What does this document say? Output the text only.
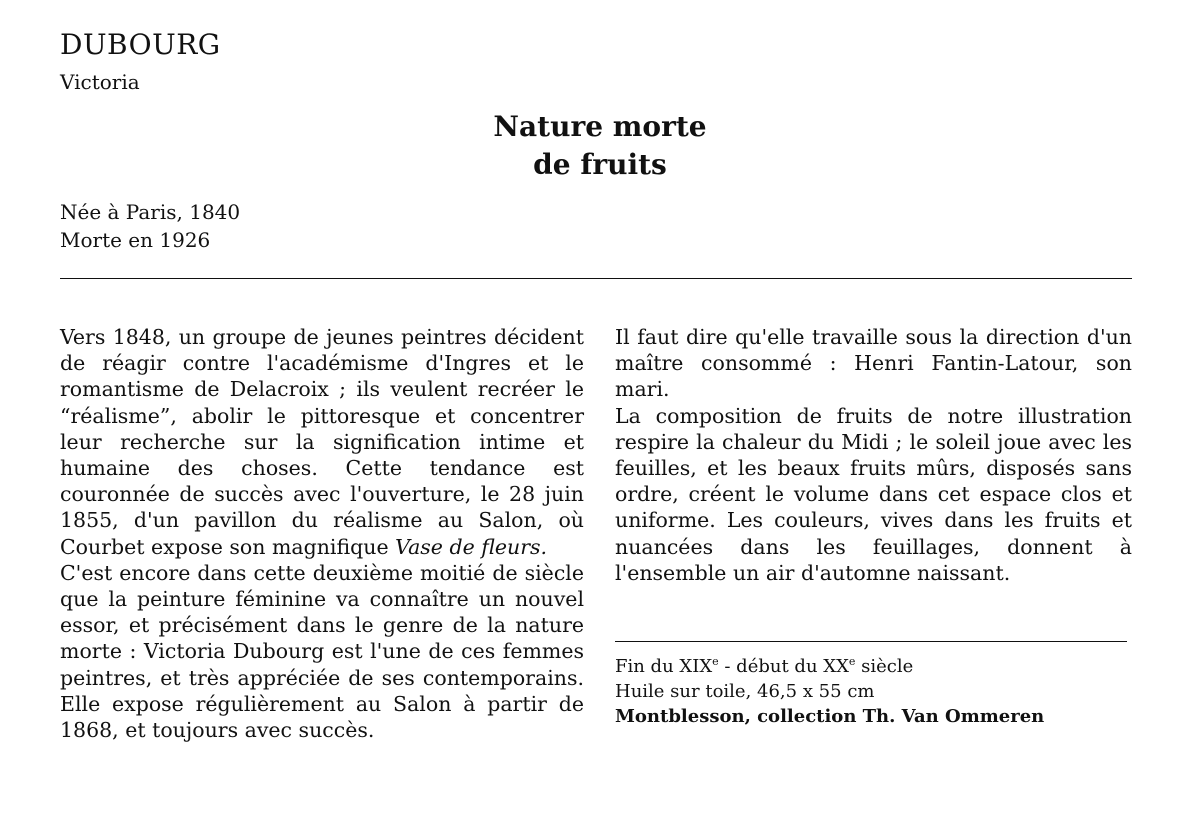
DUBOURG
Victoria
Nature morte
de fruits
Née à Paris, 1840
Morte en 1926

Vers 1848, un groupe de jeunes peintres décident de réagir contre l'académisme d'Ingres et le romantisme de Delacroix ; ils veulent recréer le “réalisme”, abolir le pittoresque et concentrer leur recherche sur la signification intime et humaine des choses. Cette tendance est couronnée de succès avec l'ouverture, le 28 juin 1855, d'un pavillon du réalisme au Salon, où Courbet expose son magnifique Vase de fleurs.

C'est encore dans cette deuxième moitié de siècle que la peinture féminine va connaître un nouvel essor, et précisément dans le genre de la nature morte : Victoria Dubourg est l'une de ces femmes peintres, et très appréciée de ses contemporains. Elle expose régulièrement au Salon à partir de 1868, et toujours avec succès.

Il faut dire qu'elle travaille sous la direction d'un maître consommé : Henri Fantin-Latour, son mari.

La composition de fruits de notre illustration respire la chaleur du Midi ; le soleil joue avec les feuilles, et les beaux fruits mûrs, disposés sans ordre, créent le volume dans cet espace clos et uniforme. Les couleurs, vives dans les fruits et nuancées dans les feuillages, donnent à l'ensemble un air d'automne naissant.

Fin du XIXe - début du XXe siècle
Huile sur toile, 46,5 x 55 cm
Montblesson, collection Th. Van Ommeren
